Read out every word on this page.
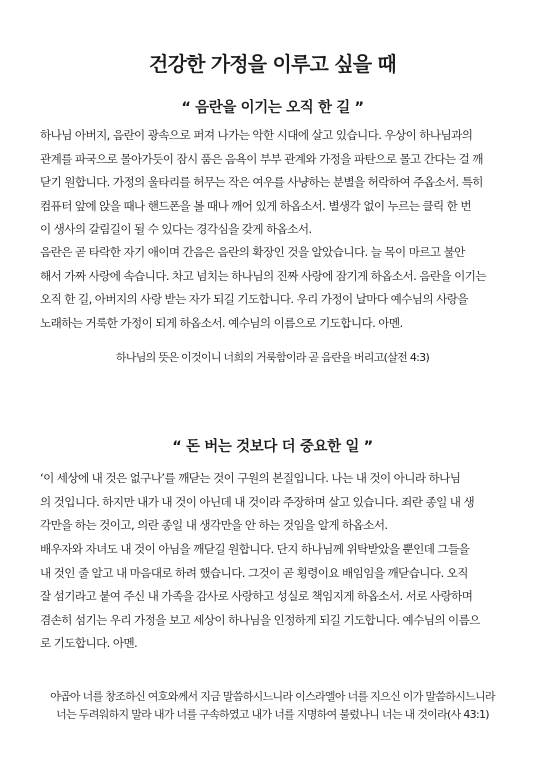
건강한 가정을 이루고 싶을 때
“ 음란을 이기는 오직 한 길 ”
하나님 아버지, 음란이 광속으로 퍼져 나가는 악한 시대에 살고 있습니다. 우상이 하나님과의
관계를 파국으로 몰아가듯이 잠시 품은 음욕이 부부 관계와 가정을 파탄으로 몰고 간다는 걸 깨
닫기 원합니다. 가정의 울타리를 허무는 작은 여우를 사냥하는 분별을 허락하여 주옵소서. 특히
컴퓨터 앞에 앉을 때나 핸드폰을 볼 때나 깨어 있게 하옵소서. 별생각 없이 누르는 클릭 한 번
이 생사의 갈림길이 될 수 있다는 경각심을 갖게 하옵소서.
음란은 곧 타락한 자기 애이며 간음은 음란의 확장인 것을 알았습니다. 늘 목이 마르고 불안
해서 가짜 사랑에 속습니다. 차고 넘치는 하나님의 진짜 사랑에 잠기게 하옵소서. 음란을 이기는
오직 한 길, 아버지의 사랑 받는 자가 되길 기도합니다. 우리 가정이 날마다 예수님의 사랑을
노래하는 거룩한 가정이 되게 하옵소서. 예수님의 이름으로 기도합니다. 아멘.
하나님의 뜻은 이것이니 너희의 거룩함이라 곧 음란을 버리고(살전 4:3)
“ 돈 버는 것보다 더 중요한 일 ”
‘이 세상에 내 것은 없구나’를 깨닫는 것이 구원의 본질입니다. 나는 내 것이 아니라 하나님
의 것입니다. 하지만 내가 내 것이 아닌데 내 것이라 주장하며 살고 있습니다. 죄란 종일 내 생
각만을 하는 것이고, 의란 종일 내 생각만을 안 하는 것임을 알게 하옵소서.
배우자와 자녀도 내 것이 아님을 깨닫길 원합니다. 단지 하나님께 위탁받았을 뿐인데 그들을
내 것인 줄 알고 내 마음대로 하려 했습니다. 그것이 곧 횡령이요 배임임을 깨닫습니다. 오직
잘 섬기라고 붙여 주신 내 가족을 감사로 사랑하고 성실로 책임지게 하옵소서. 서로 사랑하며
겸손히 섬기는 우리 가정을 보고 세상이 하나님을 인정하게 되길 기도합니다. 예수님의 이름으
로 기도합니다. 아멘.
야곱아 너를 창조하신 여호와께서 지금 말씀하시느니라 이스라엘아 너를 지으신 이가 말씀하시느니라
너는 두려워하지 말라 내가 너를 구속하였고 내가 너를 지명하여 불렀나니 너는 내 것이라(사 43:1)
